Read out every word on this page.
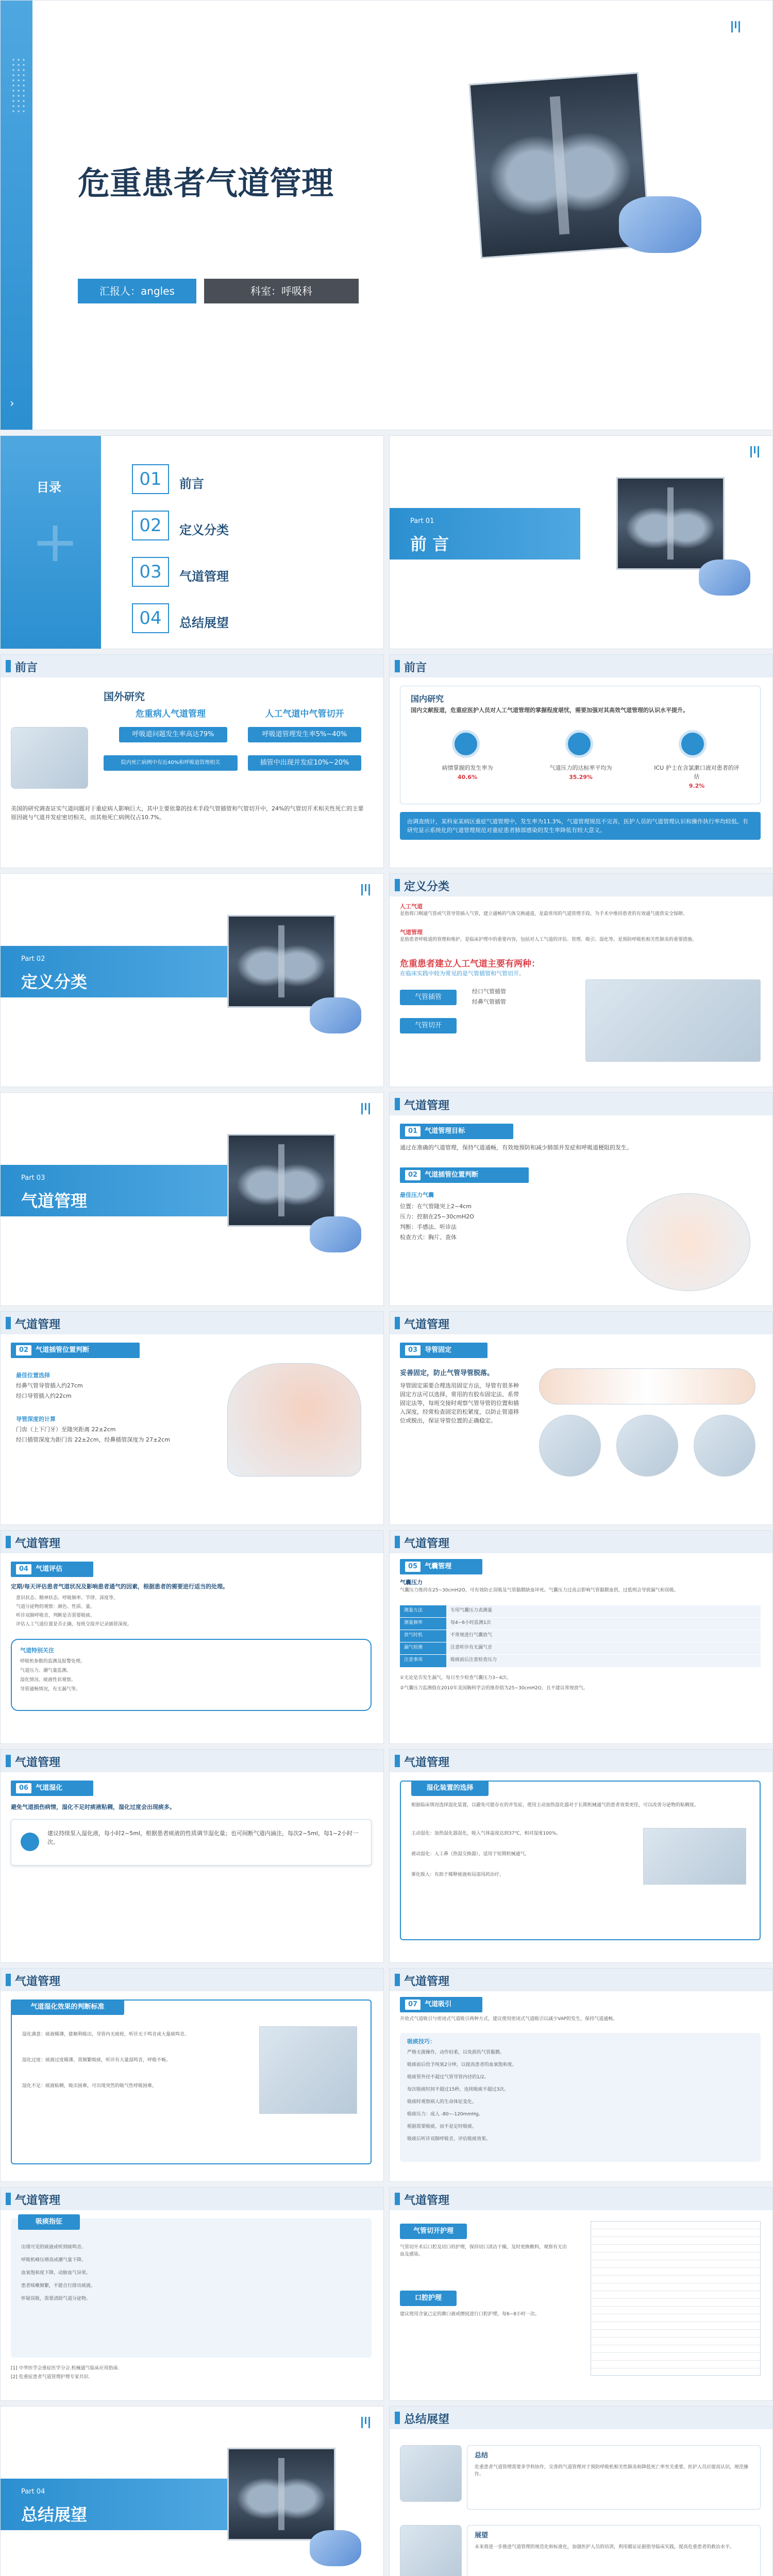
›
危重患者气道管理
汇报人：angles	科室：呼吸科
目录
+
01 前言
02 定义分类
03 气道管理
04 总结展望
Part 01
前 言
前言
国外研究
危重病人气道管理	人工气道中气管切开
呼吸道问题发生率高达79%	呼吸道管理发生率5%~40%
院内死亡病例中有近40%和呼吸道管理相关	插管中出现并发症10%~20%
美国的研究调查证实气道问题对于重症病人影响巨大，其中主要依靠的技术手段气管插管和气管切开中，24%的气管切开术相关性死亡的主要原因就与气道并发症密切相关，而其他死亡病例仅占10.7%。
前言
国内研究
国内文献报道，危重症医护人员对人工气道管理的掌握程度堪忧，需要加强对其高效气道管理的认识水平提升。
病情掌握的发生率为
40.6%
气道压力的达标率平均为
35.29%
ICU 护士在含氯漱口液对患者的评估
9.2%
由调查统计，某科室某病区重症气道管理中，发生率为11.3%，气道管理规范不完善，医护人员的气道管理认识和操作执行率均较低。有研究显示系统化的气道管理规范对重症患者肺部感染的发生率降低有较大意义。
Part 02
定义分类
定义分类
人工气道
是指将口咽通气管或气管导管插入气管，建立通畅的气体交换通道，是最常用的气道管理手段。为手术中维持患者的有效通气提供安全保障。
气道管理
是指患者呼吸道的管理和维护，是临床护理中的重要内容，包括对人工气道的评估、管理、吸引、湿化等，是预防呼吸机相关性肺炎的重要措施。
危重患者建立人工气道主要有两种：
在临床实践中较为常见的是气管插管和气管切开。
气管插管
经口气管插管
经鼻气管插管
气管切开
Part 03
气道管理
气道管理
01 气道管理目标
通过在准确的气道管理，保持气道通畅，有效地预防和减少肺部并发症和呼吸道梗阻的发生。
02 气道插管位置判断
最佳压力气囊
位置：在气管隆突上2~4cm
压力：控制在25~30cmH2O
判断：手感法、听诊法
检查方式：胸片、查体
气道管理
02 气道插管位置判断
最佳位置选择
经鼻气管导管插入约27cm
经口导管插入约22cm
导管深度的计算
门齿（上下门牙）至隆突距离 22±2cm
经口插管深度为距门齿 22±2cm，经鼻插管深度为 27±2cm
气道管理
03 导管固定
妥善固定，防止气管导管脱落。
导管固定需要合理选用固定方法，导管有很多种固定方法可以选择，常用的有胶布固定法、系带固定法等，每班交接时观察气管导管的位置和插入深度，经常检查固定的松紧度，以防止管道移位或脱出，保证导管位置的正确稳定。
气道管理
04 气道评估
定期/每天评估患者气道状况及影响患者通气的因素，根据患者的需要进行适当的处理。
意识状态、精神状态、呼吸频率、节律、深度等。
气道分泌物的观察：颜色、性质、量。
听诊双肺呼吸音，判断是否需要吸痰。
评估人工气道位置是否正确，每班交接并记录插管深度。
气道特别关注
呼吸机参数的监测及报警处理。
气道压力、潮气量监测。
湿化情况、痰液性状观察。
导管通畅情况，有无漏气等。
气道管理
05 气囊管理
气囊压力
气囊压力维持在25~30cmH2O，可有效防止误吸及气管黏膜缺血坏死。气囊压力过高会影响气管黏膜血供，过低则会导致漏气和误吸。
测量方法	专用气囊压力表测量
测量频率	每4~6小时监测1次
放气时机	不常规进行气囊放气
漏气检测	注意听诊有无漏气音
注意事项	吸痰前后注意检查压力
①无论是否发生漏气，每日至少检查气囊压力3~4次。
②气囊压力监测值在2010年美国胸科学会的推荐值为25~30cmH2O，且不建议常规放气。
气道管理
06 气道湿化
避免气道损伤病情，湿化不足时痰液粘稠，湿化过度会出现痰多。
建议持续泵入湿化液，每小时2~5ml，根据患者痰液的性质调节湿化量；也可间断气道内滴注，每次2~5ml，每1~2小时一次。
气道管理
湿化装置的选择
根据临床情况选择湿化装置，以避免可能存在的并发症，使用主动加热湿化器对于长期机械通气的患者效果更佳，可以改善分泌物的粘稠度。
主动湿化：加热湿化器湿化，吸入气体温度达到37℃，相对湿度100%。
被动湿化：人工鼻（热湿交换器），适用于短期机械通气。
雾化吸入：有助于稀释痰液和局部用药治疗。
气道管理
气道湿化效果的判断标准
湿化满意：痰液稀薄，能顺利吸出，导管内无痰栓，听诊无干鸣音或大量痰鸣音。
湿化过度：痰液过度稀薄，需频繁吸痰，听诊有大量湿鸣音，呼吸不畅。
湿化不足：痰液粘稠，吸出困难，可出现突然的吸气性呼吸困难。
气道管理
07 气道吸引
开放式气道吸引与密闭式气道吸引两种方式，建议使用密闭式气道吸引以减少VAP的发生，保持气道通畅。
吸痰技巧：
严格无菌操作，动作轻柔，以免损伤气管黏膜。
吸痰前后给予纯氧2分钟，以提高患者的血氧饱和度。
吸痰管外径不超过气管导管内径的1/2。
每次吸痰时间不超过15秒，连续吸痰不超过3次。
吸痰时观察病人的生命体征变化。
吸痰压力：成人 -80~-120mmHg。
根据需要吸痰，而不是定时吸痰。
吸痰后听诊双肺呼吸音，评估吸痰效果。
气道管理
吸痰指征
出现可见的痰液或听到痰鸣音。
呼吸机峰压增高或潮气量下降。
血氧饱和度下降，动脉血气异常。
患者咳嗽频繁，不能自行排出痰液。
怀疑误吸，需要清除气道分泌物。
[1] 中华医学会重症医学分会.机械通气临床应用指南.
[2] 危重症患者气道管理护理专家共识.
气道管理
气管切开护理
气管切开术后口腔及切口的护理，保持切口清洁干燥，及时更换敷料，观察有无出血及感染。
口腔护理
建议使用含氯己定的漱口液或擦拭进行口腔护理，每6~8小时一次。
Part 04
总结展望
总结展望
总结
危重患者气道管理需要多学科协作，完善的气道管理对于预防呼吸机相关性肺炎和降低死亡率至关重要，医护人员应提高认识，规范操作。
展望
未来将进一步推进气道管理的规范化和标准化，加强医护人员的培训，利用循证证据指导临床实践，提高危重患者的救治水平。
